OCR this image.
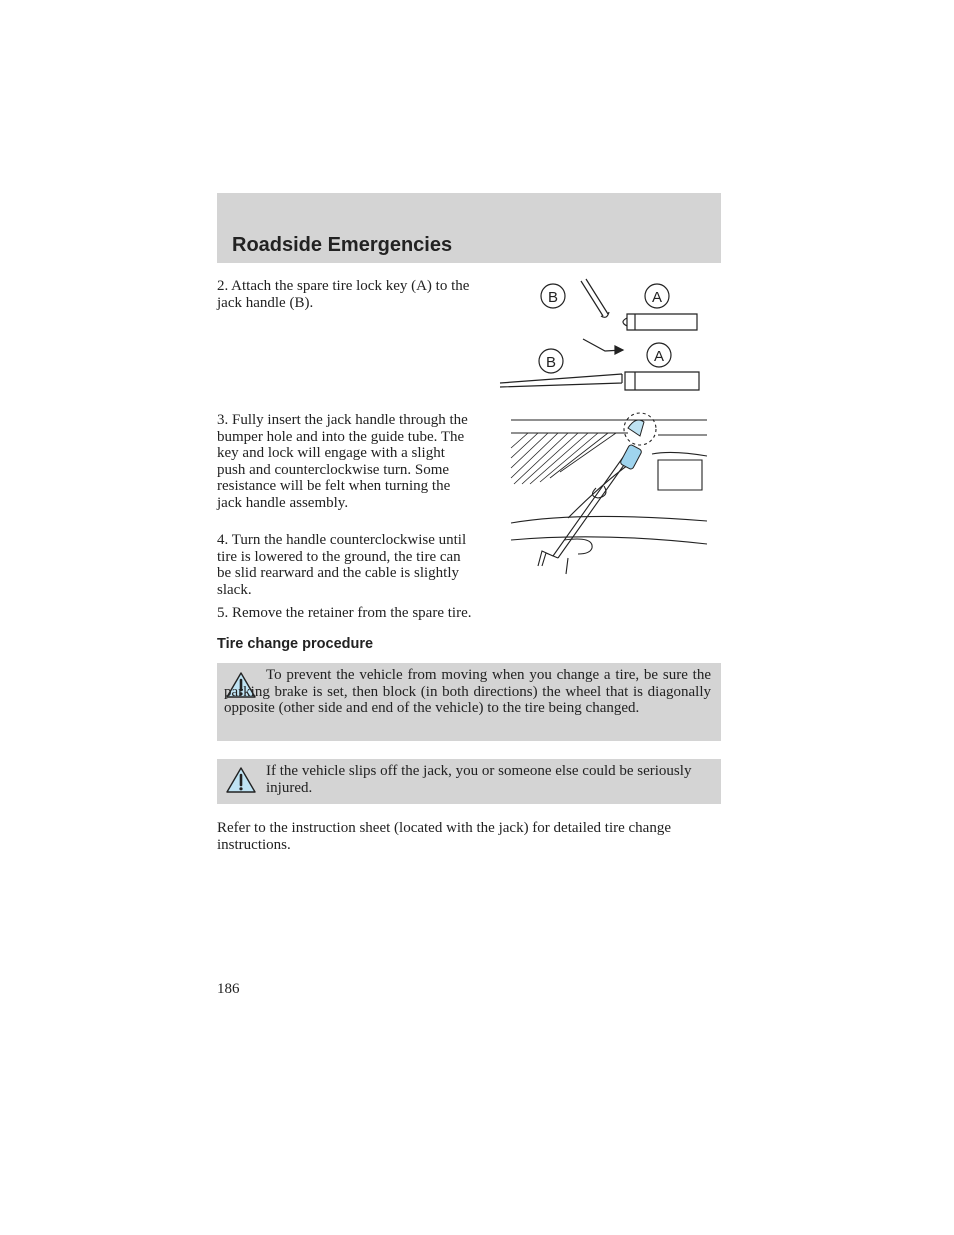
Roadside Emergencies
2. Attach the spare tire lock key (A) to the jack handle (B).	B	A
B	A
3. Fully insert the jack handle through the bumper hole and into the guide tube. The key and lock will engage with a slight push and counterclockwise turn. Some resistance will be felt when turning the jack handle assembly.
4. Turn the handle counterclockwise until tire is lowered to the ground, the tire can be slid rearward and the cable is slightly slack.
5. Remove the retainer from the spare tire.
Tire change procedure
To prevent the vehicle from moving when you change a tire, be sure the parking brake is set, then block (in both directions) the wheel that is diagonally opposite (other side and end of the vehicle) to the tire being changed.
If the vehicle slips off the jack, you or someone else could be seriously injured.
Refer to the instruction sheet (located with the jack) for detailed tire change instructions.
186
